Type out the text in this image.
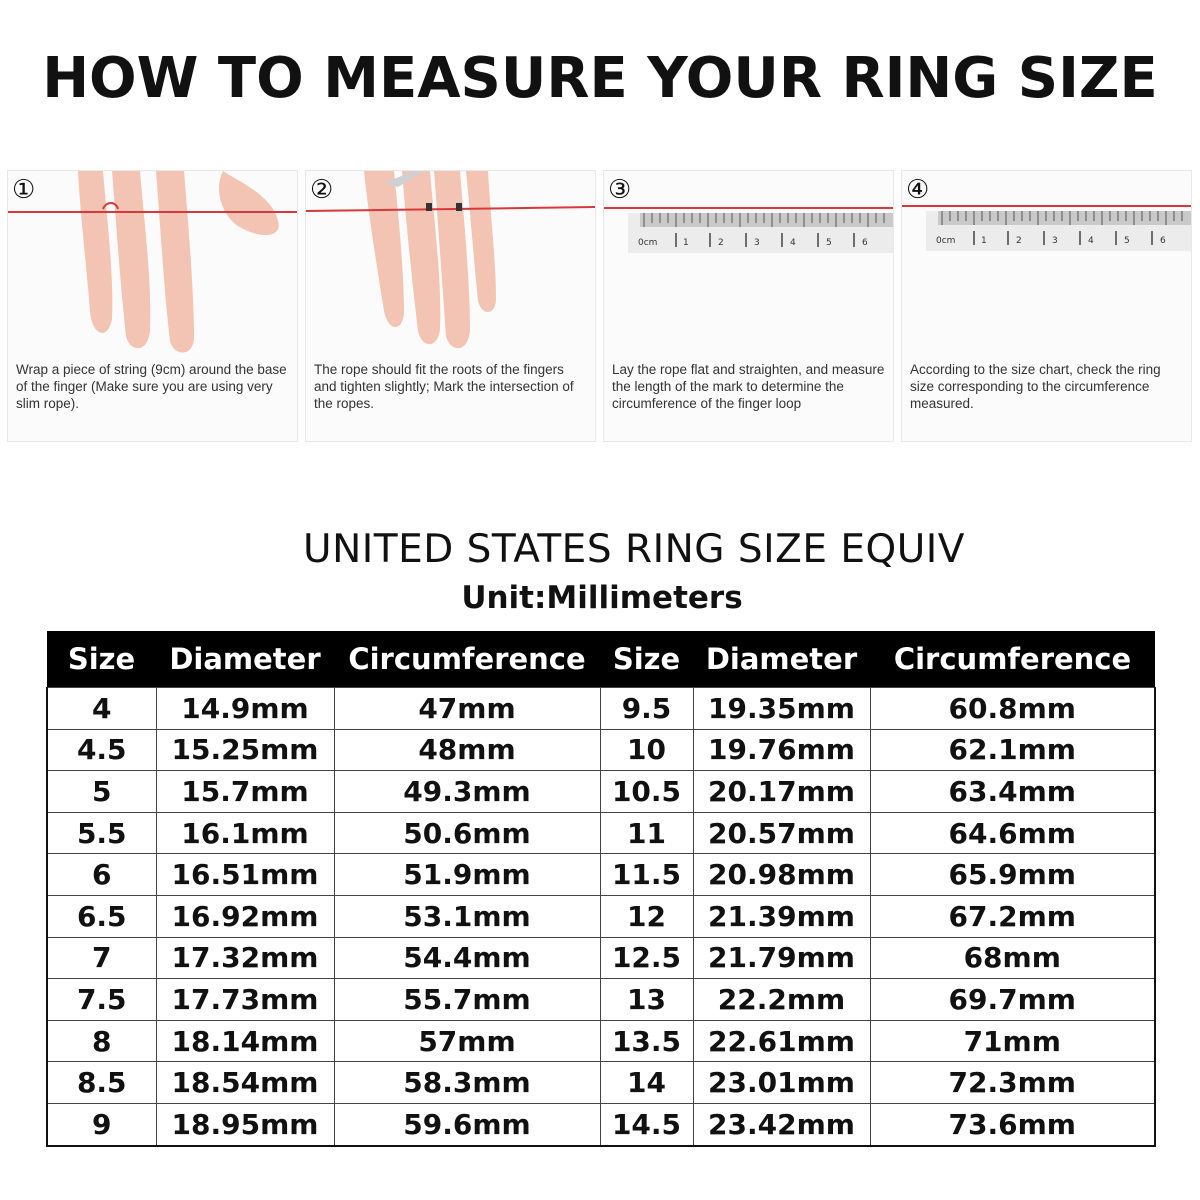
HOW TO MEASURE YOUR RING SIZE
①
Wrap a piece of string (9cm) around the base of the finger (Make sure you are using very slim rope).
②
The rope should fit the roots of the fingers and tighten slightly; Mark the intersection of the ropes.
0cm	1	2	3	4	5	6
③
Lay the rope flat and straighten, and measure the length of the mark to determine the circumference of the finger loop
0cm	1	2	3	4	5	6
④
According to the size chart, check the ring size corresponding to the circumference measured.
UNITED STATES RING SIZE EQUIV
Unit:Millimeters
Size	Diameter	Circumference	Size	Diameter	Circumference
4	14.9mm	47mm	9.5	19.35mm	60.8mm
4.5	15.25mm	48mm	10	19.76mm	62.1mm
5	15.7mm	49.3mm	10.5	20.17mm	63.4mm
5.5	16.1mm	50.6mm	11	20.57mm	64.6mm
6	16.51mm	51.9mm	11.5	20.98mm	65.9mm
6.5	16.92mm	53.1mm	12	21.39mm	67.2mm
7	17.32mm	54.4mm	12.5	21.79mm	68mm
7.5	17.73mm	55.7mm	13	22.2mm	69.7mm
8	18.14mm	57mm	13.5	22.61mm	71mm
8.5	18.54mm	58.3mm	14	23.01mm	72.3mm
9	18.95mm	59.6mm	14.5	23.42mm	73.6mm
